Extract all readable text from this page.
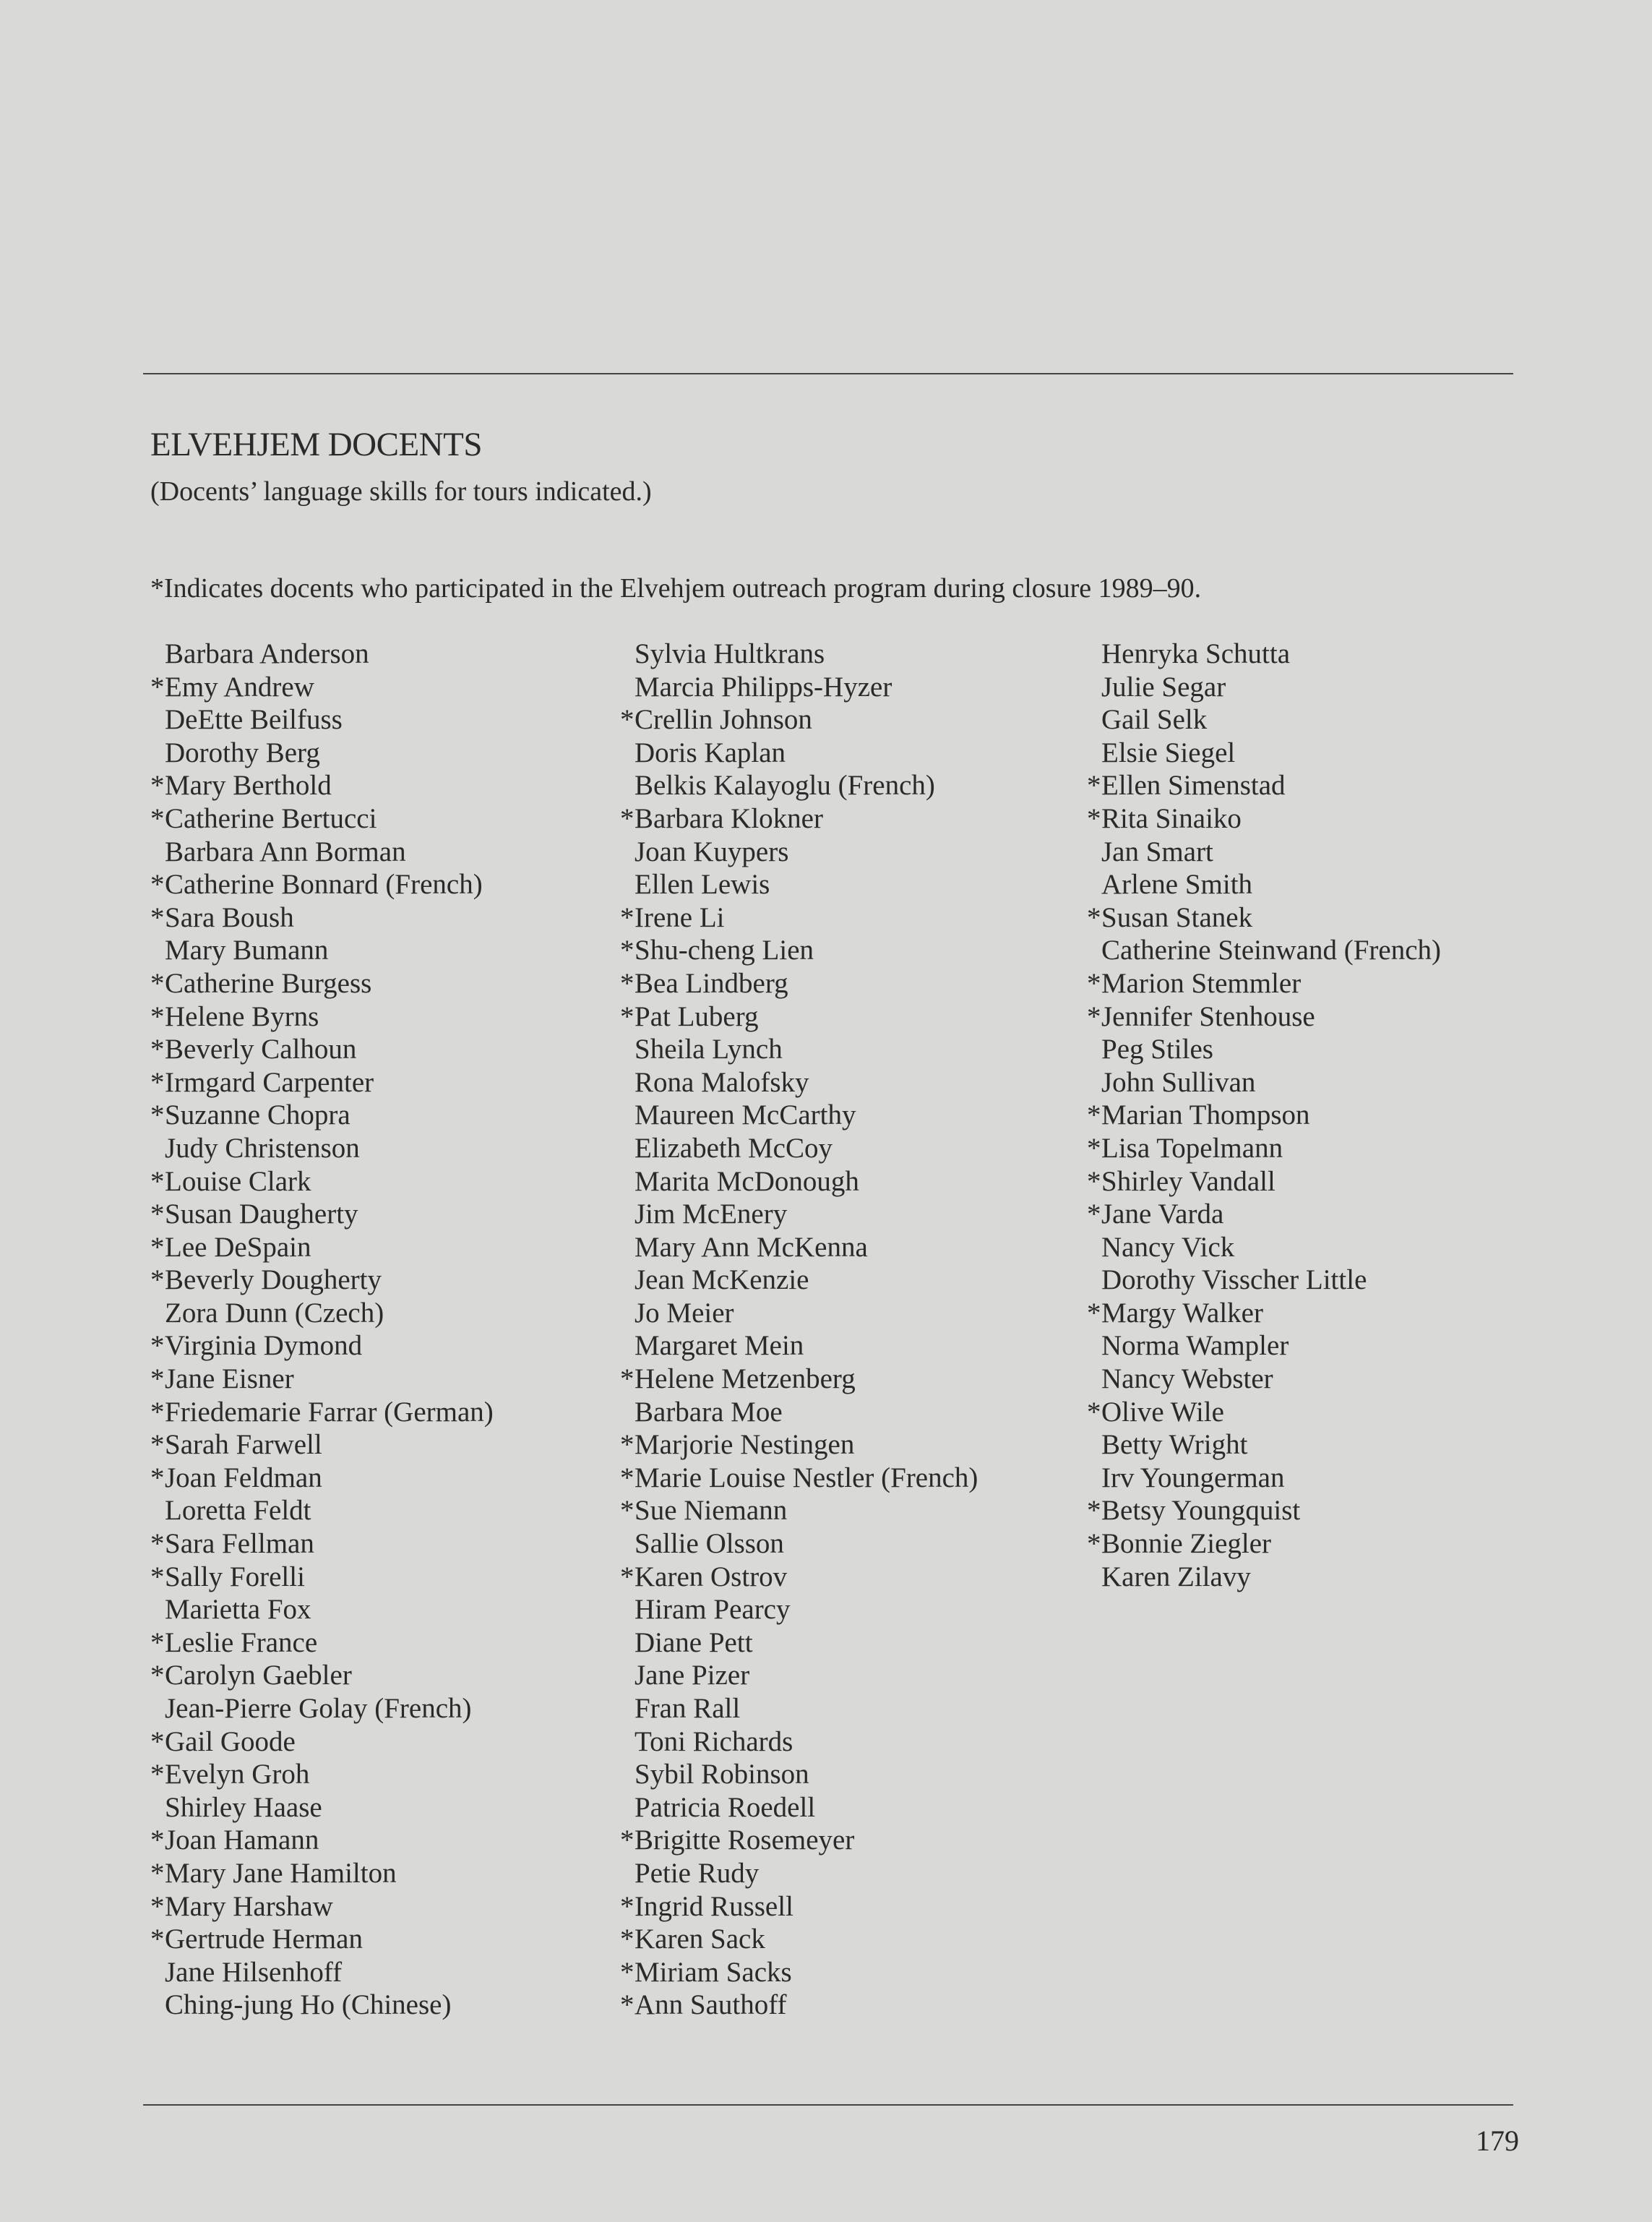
ELVEHJEM DOCENTS

(Docents’ language skills for tours indicated.)

*Indicates docents who participated in the Elvehjem outreach program during closure 1989–90.

Barbara Anderson
*Emy Andrew
DeEtte Beilfuss
Dorothy Berg
*Mary Berthold
*Catherine Bertucci
Barbara Ann Borman
*Catherine Bonnard (French)
*Sara Boush
Mary Bumann
*Catherine Burgess
*Helene Byrns
*Beverly Calhoun
*Irmgard Carpenter
*Suzanne Chopra
Judy Christenson
*Louise Clark
*Susan Daugherty
*Lee DeSpain
*Beverly Dougherty
Zora Dunn (Czech)
*Virginia Dymond
*Jane Eisner
*Friedemarie Farrar (German)
*Sarah Farwell
*Joan Feldman
Loretta Feldt
*Sara Fellman
*Sally Forelli
Marietta Fox
*Leslie France
*Carolyn Gaebler
Jean-Pierre Golay (French)
*Gail Goode
*Evelyn Groh
Shirley Haase
*Joan Hamann
*Mary Jane Hamilton
*Mary Harshaw
*Gertrude Herman
Jane Hilsenhoff
Ching-jung Ho (Chinese)
Sylvia Hultkrans
Marcia Philipps-Hyzer
*Crellin Johnson
Doris Kaplan
Belkis Kalayoglu (French)
*Barbara Klokner
Joan Kuypers
Ellen Lewis
*Irene Li
*Shu-cheng Lien
*Bea Lindberg
*Pat Luberg
Sheila Lynch
Rona Malofsky
Maureen McCarthy
Elizabeth McCoy
Marita McDonough
Jim McEnery
Mary Ann McKenna
Jean McKenzie
Jo Meier
Margaret Mein
*Helene Metzenberg
Barbara Moe
*Marjorie Nestingen
*Marie Louise Nestler (French)
*Sue Niemann
Sallie Olsson
*Karen Ostrov
Hiram Pearcy
Diane Pett
Jane Pizer
Fran Rall
Toni Richards
Sybil Robinson
Patricia Roedell
*Brigitte Rosemeyer
Petie Rudy
*Ingrid Russell
*Karen Sack
*Miriam Sacks
*Ann Sauthoff
Henryka Schutta
Julie Segar
Gail Selk
Elsie Siegel
*Ellen Simenstad
*Rita Sinaiko
Jan Smart
Arlene Smith
*Susan Stanek
Catherine Steinwand (French)
*Marion Stemmler
*Jennifer Stenhouse
Peg Stiles
John Sullivan
*Marian Thompson
*Lisa Topelmann
*Shirley Vandall
*Jane Varda
Nancy Vick
Dorothy Visscher Little
*Margy Walker
Norma Wampler
Nancy Webster
*Olive Wile
Betty Wright
Irv Youngerman
*Betsy Youngquist
*Bonnie Ziegler
Karen Zilavy

179
